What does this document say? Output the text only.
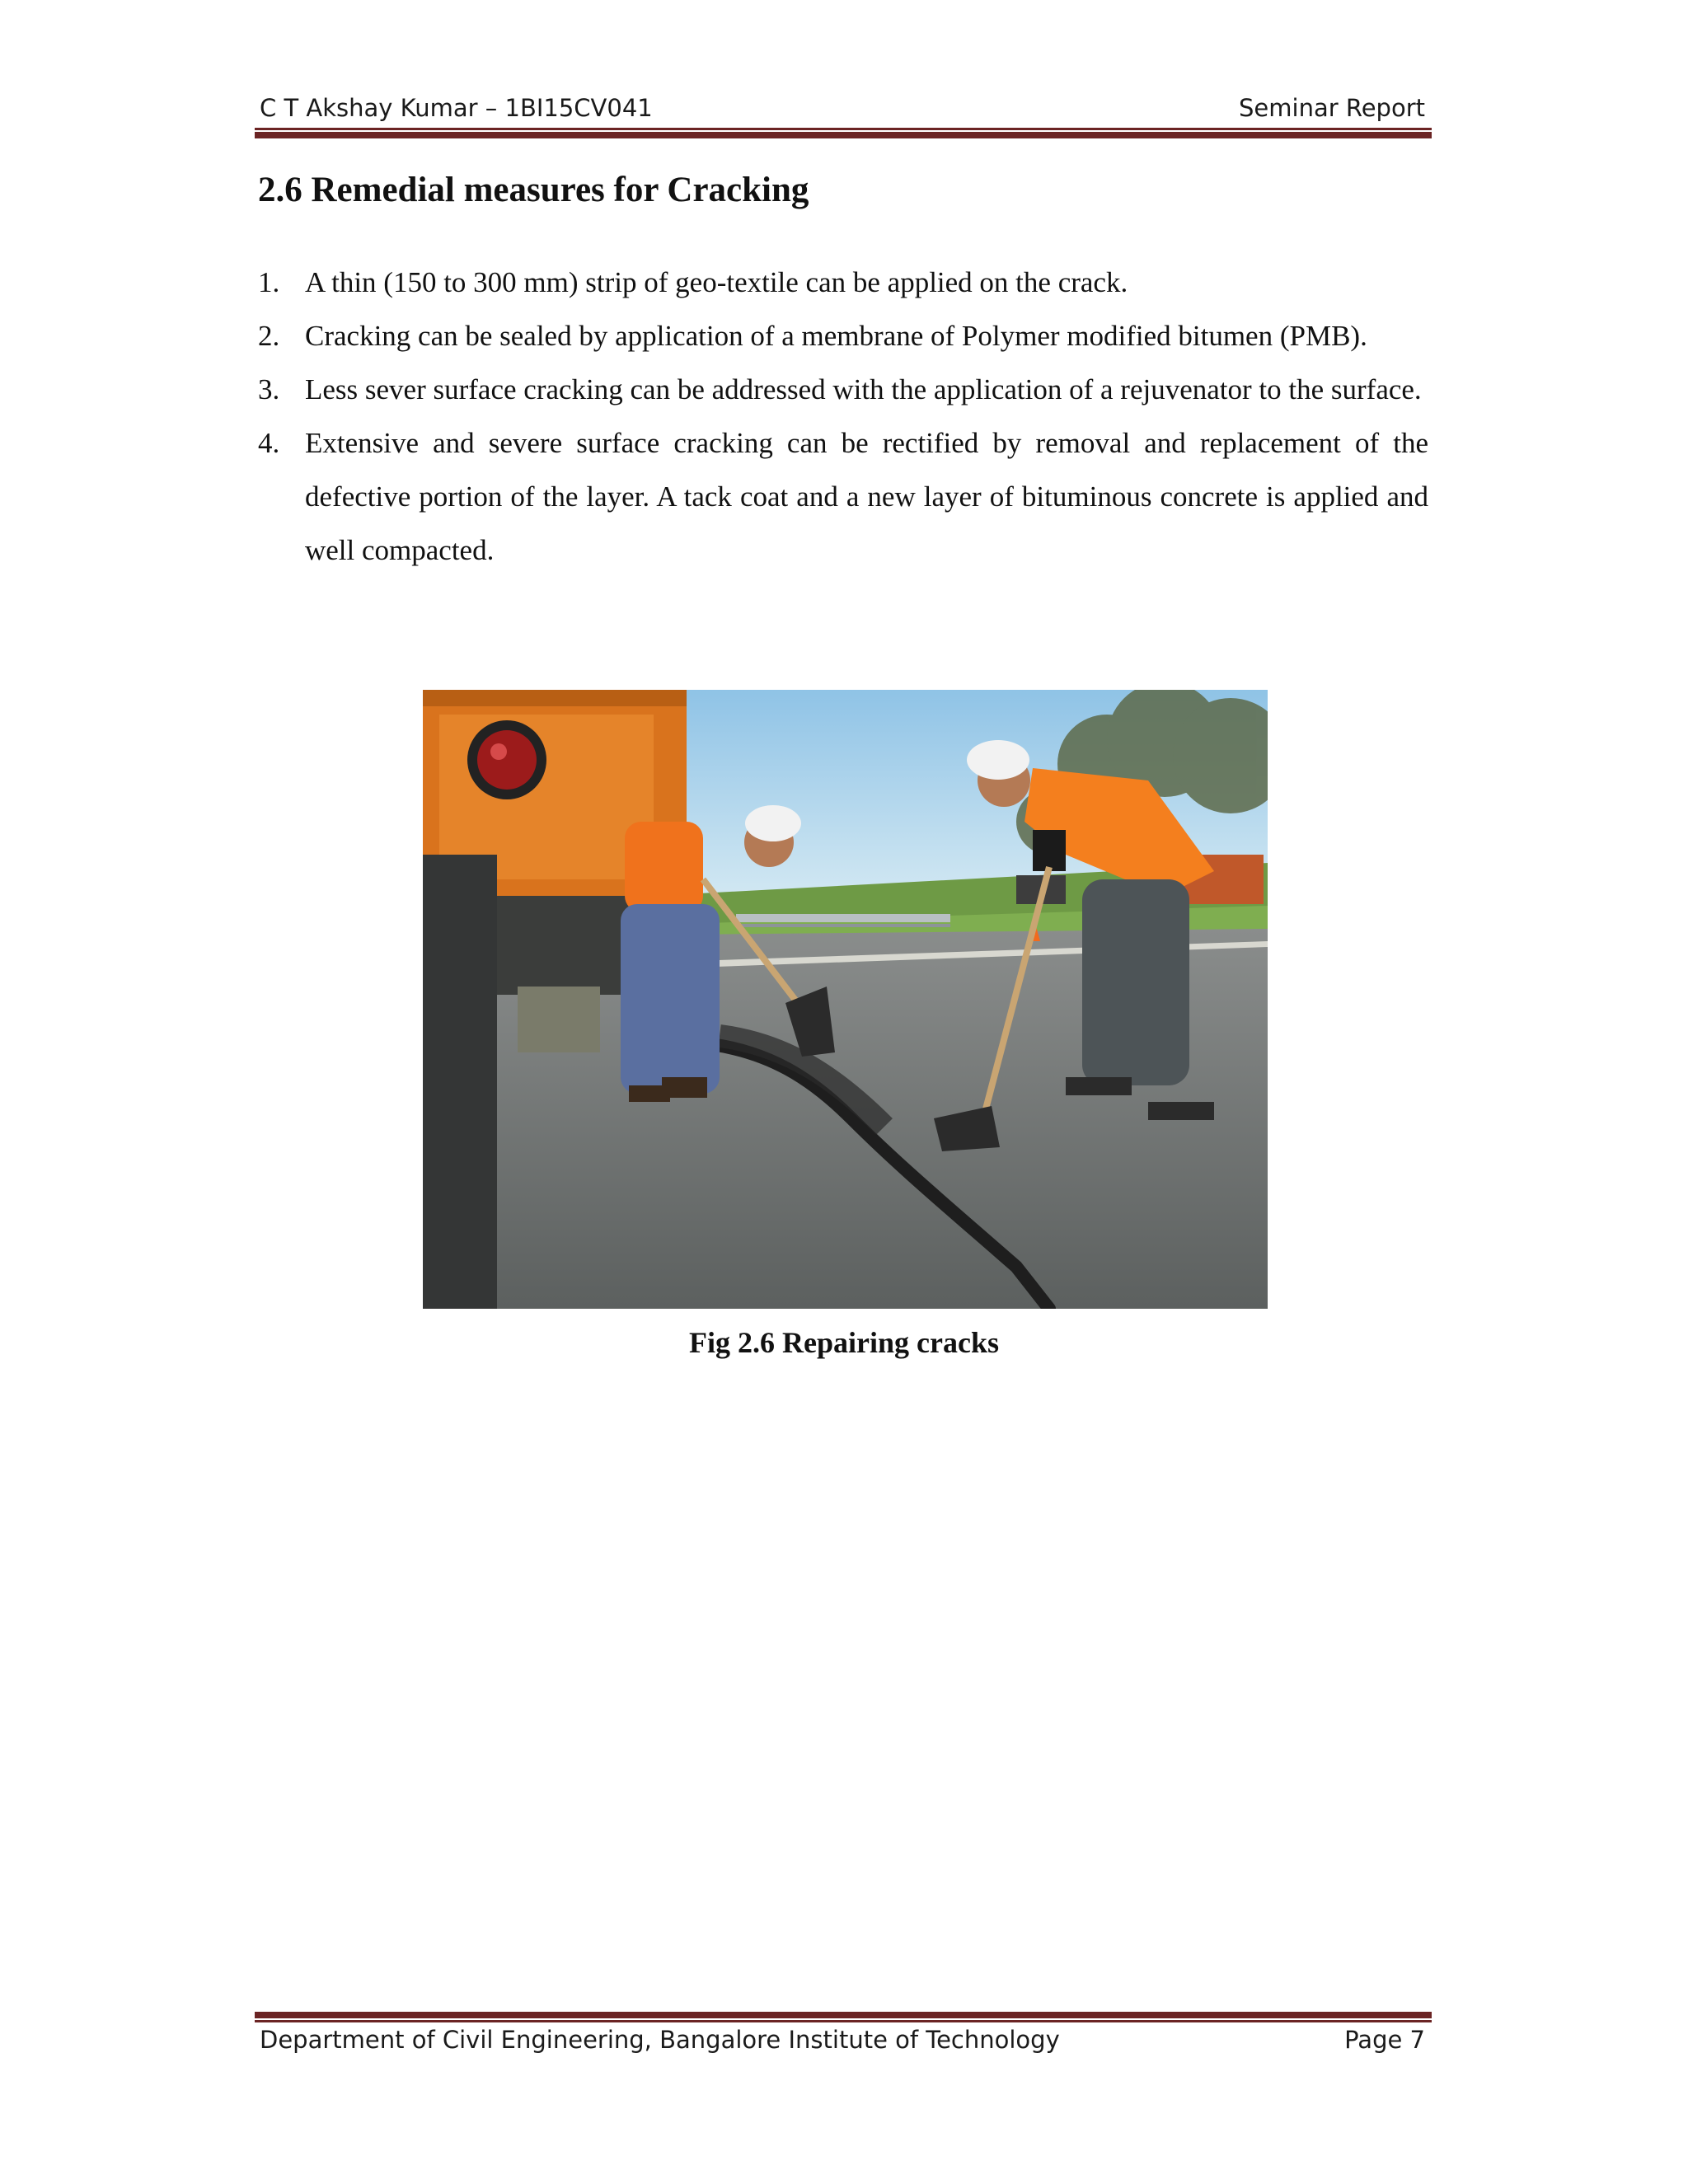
C T Akshay Kumar – 1BI15CV041	Seminar Report
2.6 Remedial measures for Cracking
1. A thin (150 to 300 mm) strip of geo-textile can be applied on the crack.
2. Cracking can be sealed by application of a membrane of Polymer modified bitumen (PMB).
3. Less sever surface cracking can be addressed with the application of a rejuvenator to the surface.
4. Extensive and severe surface cracking can be rectified by removal and replacement of the defective portion of the layer. A tack coat and a new layer of bituminous concrete is applied and well compacted.
Fig 2.6 Repairing cracks
Department of Civil Engineering, Bangalore Institute of Technology	Page 7
